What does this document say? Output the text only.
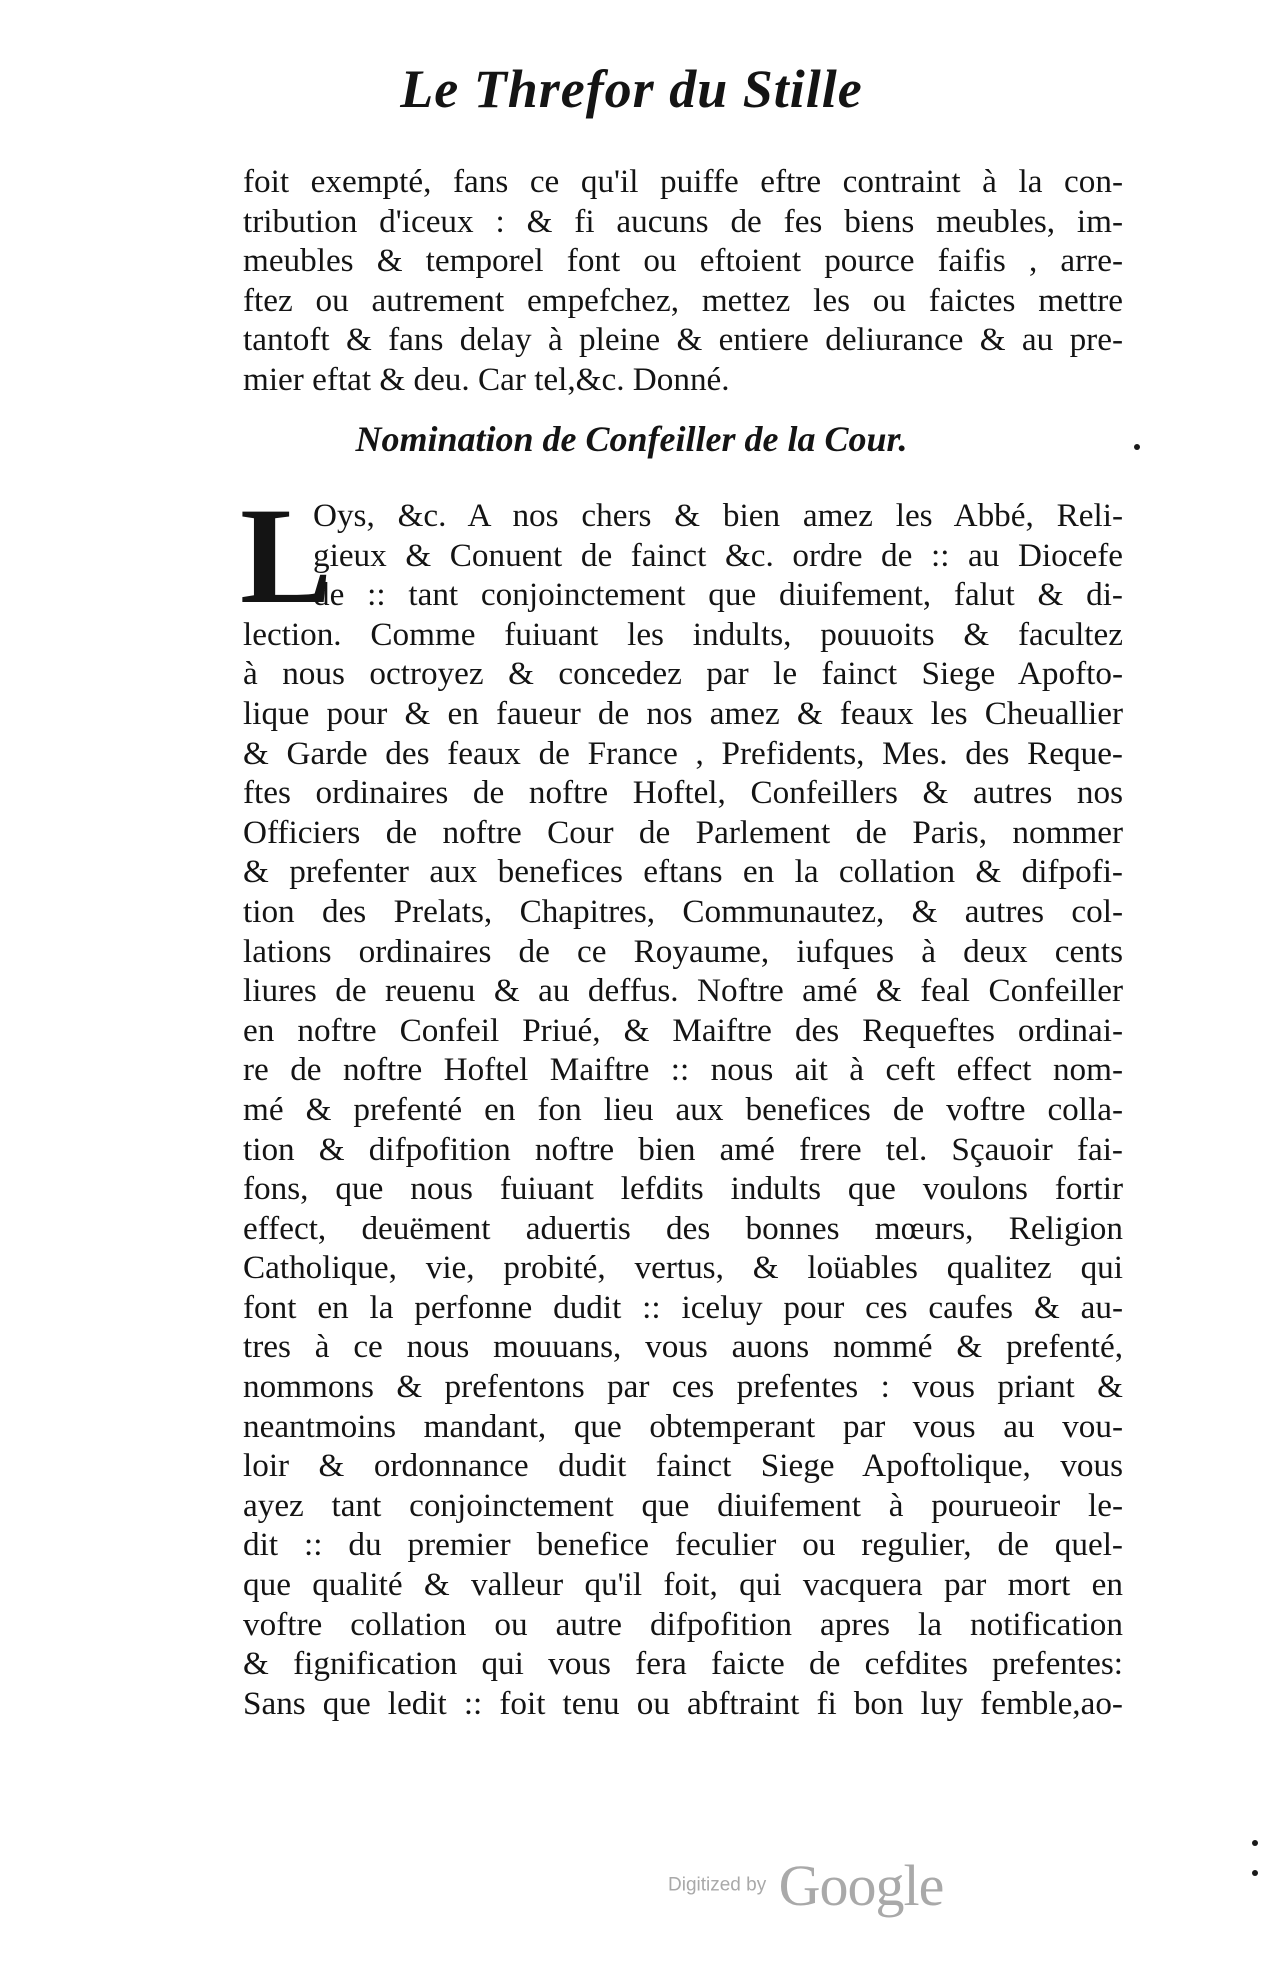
Le Threfor du Stille
foit exempté, fans ce qu'il puiffe eftre contraint à la con-
tribution d'iceux : & fi aucuns de fes biens meubles, im-
meubles & temporel font ou eftoient pource faifis , arre-
ftez ou autrement empefchez, mettez les ou faictes mettre
tantoft & fans delay à pleine & entiere deliurance & au pre-
mier eftat & deu. Car tel,&c. Donné.
Nomination de Confeiller de la Cour.
L
Oys, &c. A nos chers & bien amez les Abbé, Reli-
gieux & Conuent de fainct &c. ordre de :: au Diocefe
de :: tant conjoinctement que diuifement, falut & di-
lection. Comme fuiuant les indults, pouuoits & facultez
à nous octroyez & concedez par le fainct Siege Apofto-
lique pour & en faueur de nos amez & feaux les Cheuallier
& Garde des feaux de France , Prefidents, Mes. des Reque-
ftes ordinaires de noftre Hoftel, Confeillers & autres nos
Officiers de noftre Cour de Parlement de Paris, nommer
& prefenter aux benefices eftans en la collation & difpofi-
tion des Prelats, Chapitres, Communautez, & autres col-
lations ordinaires de ce Royaume, iufques à deux cents
liures de reuenu & au deffus. Noftre amé & feal Confeiller
en noftre Confeil Priué, & Maiftre des Requeftes ordinai-
re de noftre Hoftel Maiftre :: nous ait à ceft effect nom-
mé & prefenté en fon lieu aux benefices de voftre colla-
tion & difpofition noftre bien amé frere tel. Sçauoir fai-
fons, que nous fuiuant lefdits indults que voulons fortir
effect, deuëment aduertis des bonnes mœurs, Religion
Catholique, vie, probité, vertus, & loüables qualitez qui
font en la perfonne dudit :: iceluy pour ces caufes & au-
tres à ce nous mouuans, vous auons nommé & prefenté,
nommons & prefentons par ces prefentes : vous priant &
neantmoins mandant, que obtemperant par vous au vou-
loir & ordonnance dudit fainct Siege Apoftolique, vous
ayez tant conjoinctement que diuifement à pourueoir le-
dit :: du premier benefice feculier ou regulier, de quel-
que qualité & valleur qu'il foit, qui vacquera par mort en
voftre collation ou autre difpofition apres la notification
& fignification qui vous fera faicte de cefdites prefentes:
Sans que ledit :: foit tenu ou abftraint fi bon luy femble,ao-
Digitized by Google
